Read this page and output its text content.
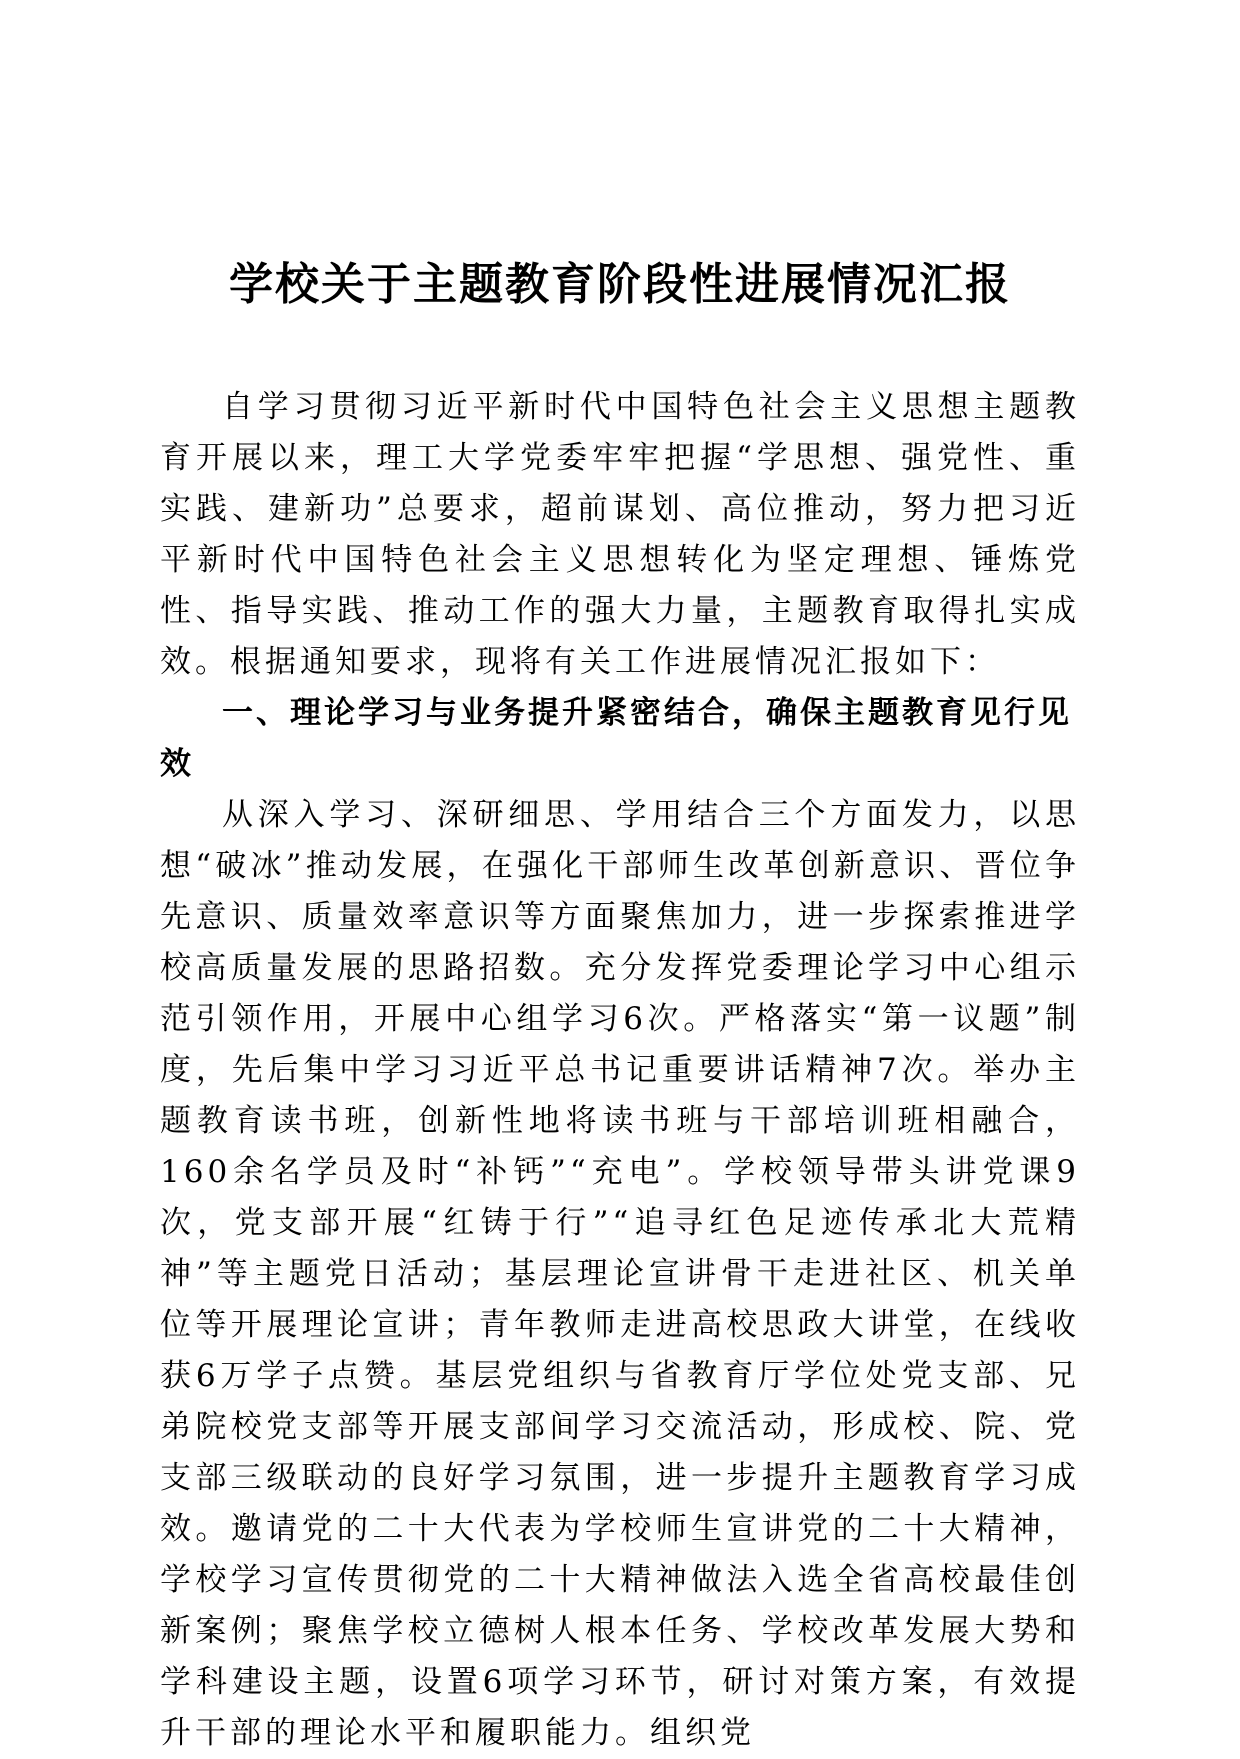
学校关于主题教育阶段性进展情况汇报

自学习贯彻习近平新时代中国特色社会主义思想主题教育开展以来，理工大学党委牢牢把握“学思想、强党性、重实践、建新功”总要求，超前谋划、高位推动，努力把习近平新时代中国特色社会主义思想转化为坚定理想、锤炼党性、指导实践、推动工作的强大力量，主题教育取得扎实成效。根据通知要求，现将有关工作进展情况汇报如下：

一、理论学习与业务提升紧密结合，确保主题教育见行见效

从深入学习、深研细思、学用结合三个方面发力，以思想“破冰”推动发展，在强化干部师生改革创新意识、晋位争先意识、质量效率意识等方面聚焦加力，进一步探索推进学校高质量发展的思路招数。充分发挥党委理论学习中心组示范引领作用，开展中心组学习6次。严格落实“第一议题”制度，先后集中学习习近平总书记重要讲话精神7次。举办主题教育读书班，创新性地将读书班与干部培训班相融合，160余名学员及时“补钙”“充电”。学校领导带头讲党课9次，党支部开展“红铸于行”“追寻红色足迹传承北大荒精神”等主题党日活动；基层理论宣讲骨干走进社区、机关单位等开展理论宣讲；青年教师走进高校思政大讲堂，在线收获6万学子点赞。基层党组织与省教育厅学位处党支部、兄弟院校党支部等开展支部间学习交流活动，形成校、院、党支部三级联动的良好学习氛围，进一步提升主题教育学习成效。邀请党的二十大代表为学校师生宣讲党的二十大精神，学校学习宣传贯彻党的二十大精神做法入选全省高校最佳创新案例；聚焦学校立德树人根本任务、学校改革发展大势和学科建设主题，设置6项学习环节，研讨对策方案，有效提升干部的理论水平和履职能力。组织党
